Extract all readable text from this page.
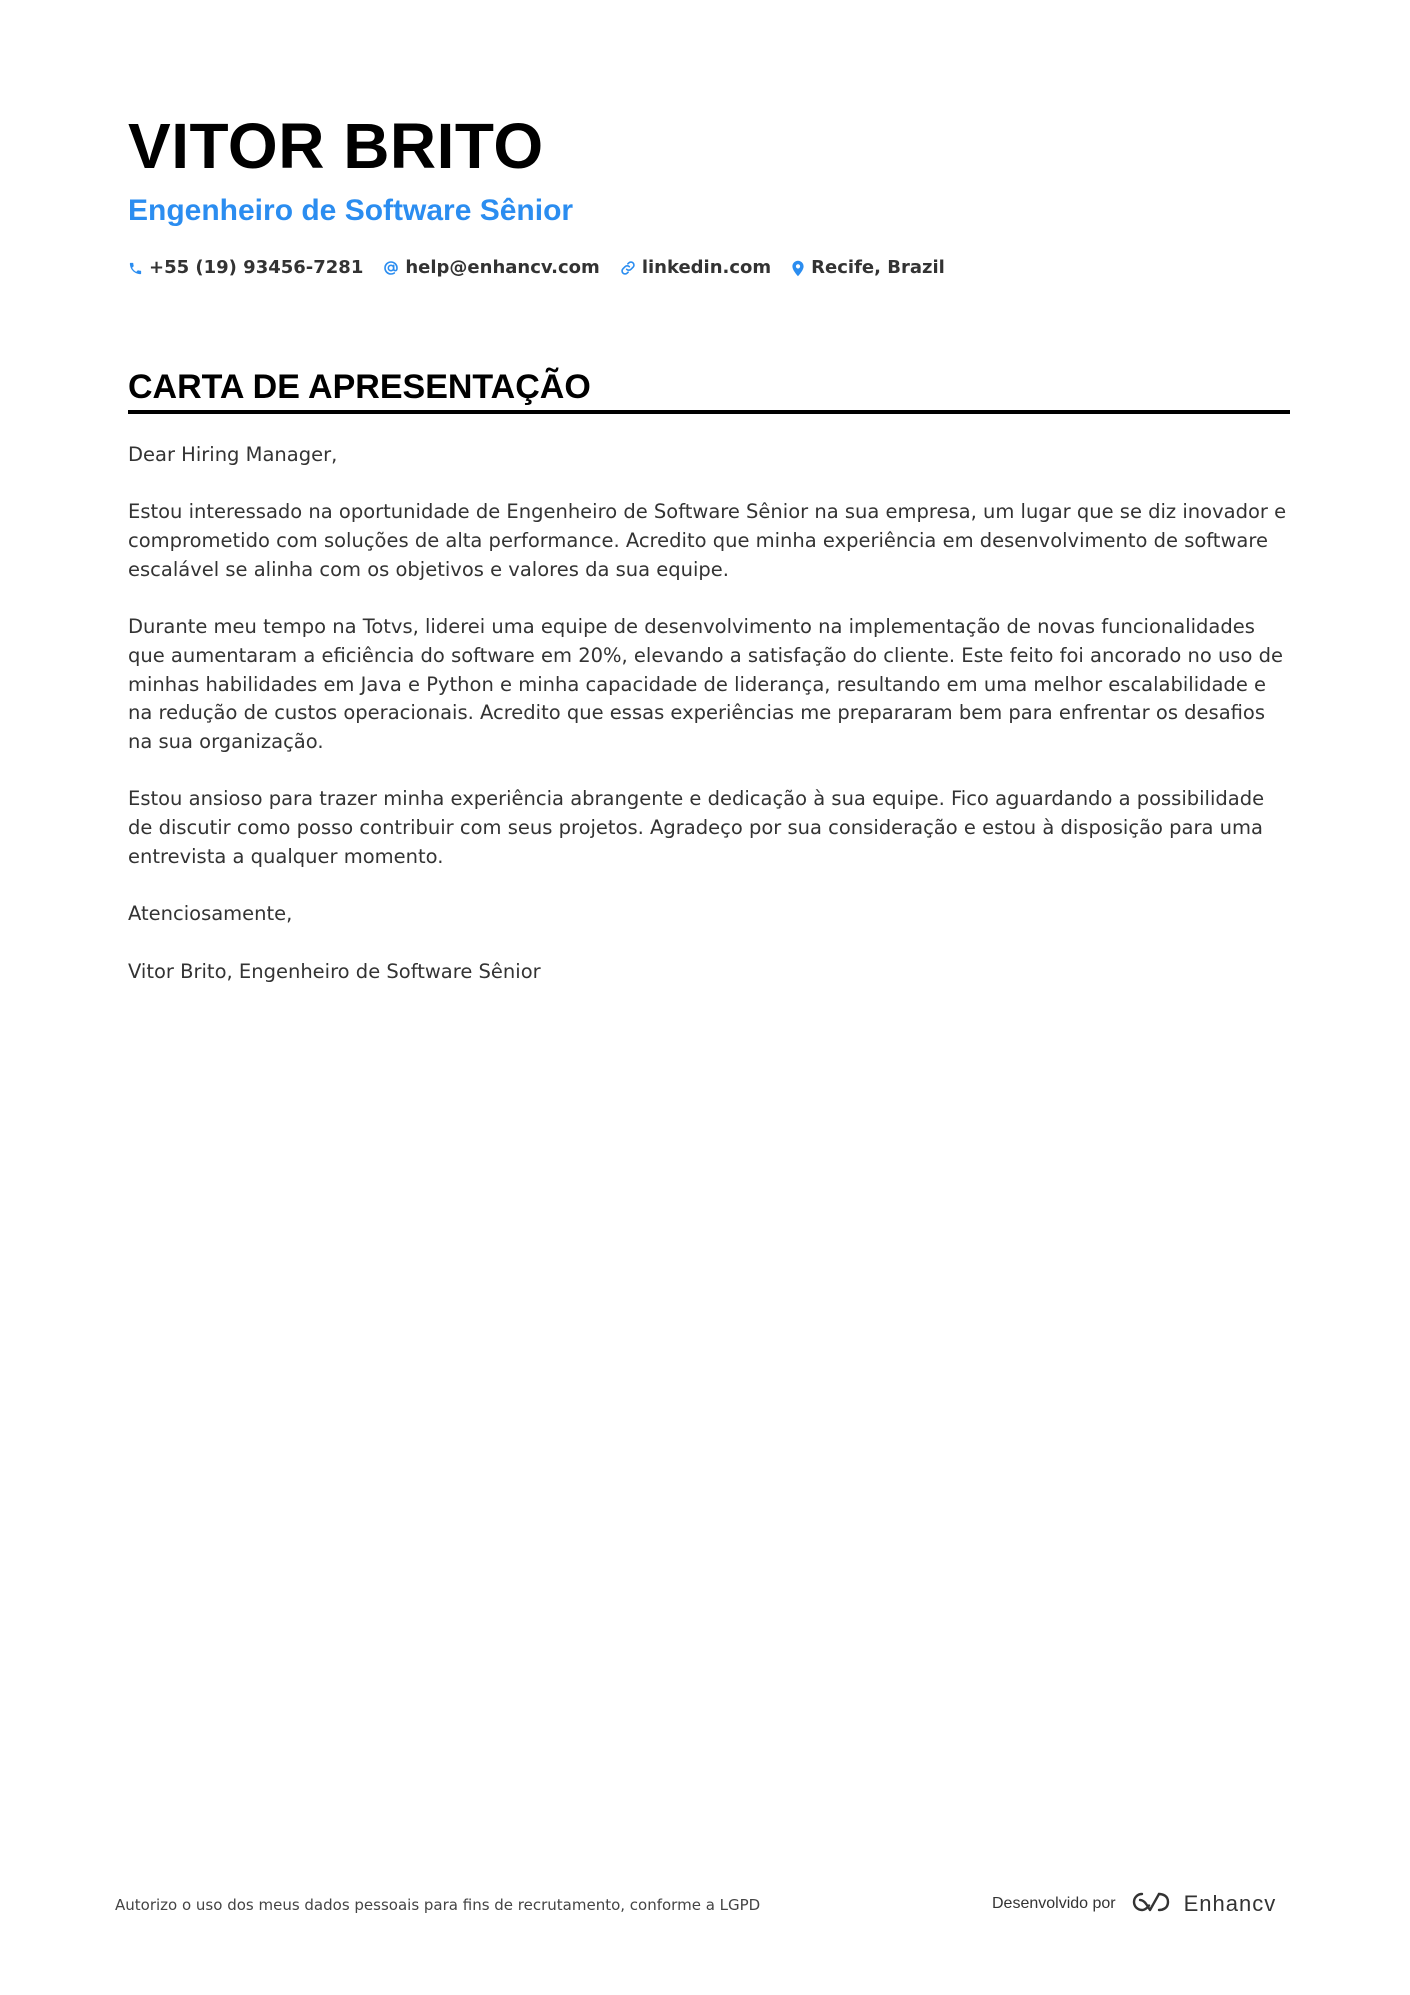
VITOR BRITO
Engenheiro de Software Sênior
+55 (19) 93456-7281 help@enhancv.com linkedin.com Recife, Brazil
CARTA DE APRESENTAÇÃO

Dear Hiring Manager,

Estou interessado na oportunidade de Engenheiro de Software Sênior na sua empresa, um lugar que se diz inovador e comprometido com soluções de alta performance. Acredito que minha experiência em desenvolvimento de software escalável se alinha com os objetivos e valores da sua equipe.

Durante meu tempo na Totvs, liderei uma equipe de desenvolvimento na implementação de novas funcionalidades que aumentaram a eficiência do software em 20%, elevando a satisfação do cliente. Este feito foi ancorado no uso de minhas habilidades em Java e Python e minha capacidade de liderança, resultando em uma melhor escalabilidade e na redução de custos operacionais. Acredito que essas experiências me prepararam bem para enfrentar os desafios na sua organização.

Estou ansioso para trazer minha experiência abrangente e dedicação à sua equipe. Fico aguardando a possibilidade de discutir como posso contribuir com seus projetos. Agradeço por sua consideração e estou à disposição para uma entrevista a qualquer momento.

Atenciosamente,

Vitor Brito, Engenheiro de Software Sênior

Autorizo o uso dos meus dados pessoais para fins de recrutamento, conforme a LGPD	Desenvolvido por	Enhancv
